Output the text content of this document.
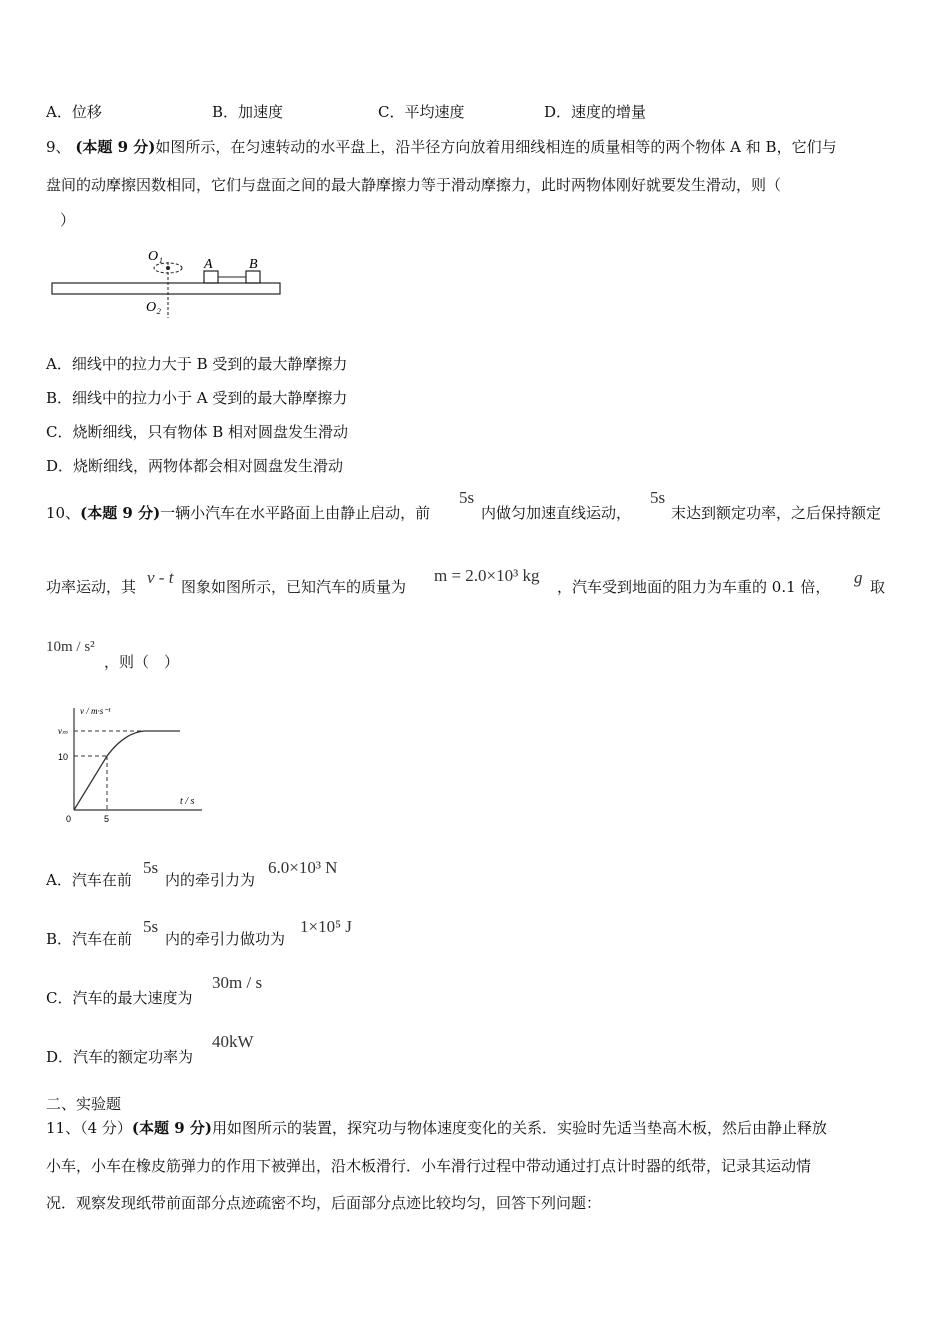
A．位移	B．加速度	C．平均速度	D．速度的增量
9、 (本题 9 分)如图所示，在匀速转动的水平盘上，沿半径方向放着用细线相连的质量相等的两个物体 A 和 B，它们与
盘间的动摩擦因数相同，它们与盘面之间的最大静摩擦力等于滑动摩擦力，此时两物体刚好就要发生滑动，则（
）
O₁
A	B
O₂
A．细线中的拉力大于 B 受到的最大静摩擦力
B．细线中的拉力小于 A 受到的最大静摩擦力
C．烧断细线，只有物体 B 相对圆盘发生滑动
D．烧断细线，两物体都会相对圆盘发生滑动
10、(本题 9 分)一辆小汽车在水平路面上由静止启动，前
5s
内做匀加速直线运动，
5s
末达到额定功率，之后保持额定
功率运动，其 v - t 图象如图所示，已知汽车的质量为
m = 2.0×10³ kg
，汽车受到地面的阻力为车重的 0.1 倍， g 取
10m / s²
，则（　）
v / m·s⁻¹
vₘ
10
t / s
0	5
A．汽车在前
5s
内的牵引力为
6.0×10³ N
B．汽车在前
5s
内的牵引力做功为
1×10⁵ J
C．汽车的最大速度为
30m / s
D．汽车的额定功率为
40kW
二、实验题
11、（4 分）(本题 9 分)用如图所示的装置，探究功与物体速度变化的关系．实验时先适当垫高木板，然后由静止释放
小车，小车在橡皮筋弹力的作用下被弹出，沿木板滑行．小车滑行过程中带动通过打点计时器的纸带，记录其运动情
况．观察发现纸带前面部分点迹疏密不均，后面部分点迹比较均匀，回答下列问题：
